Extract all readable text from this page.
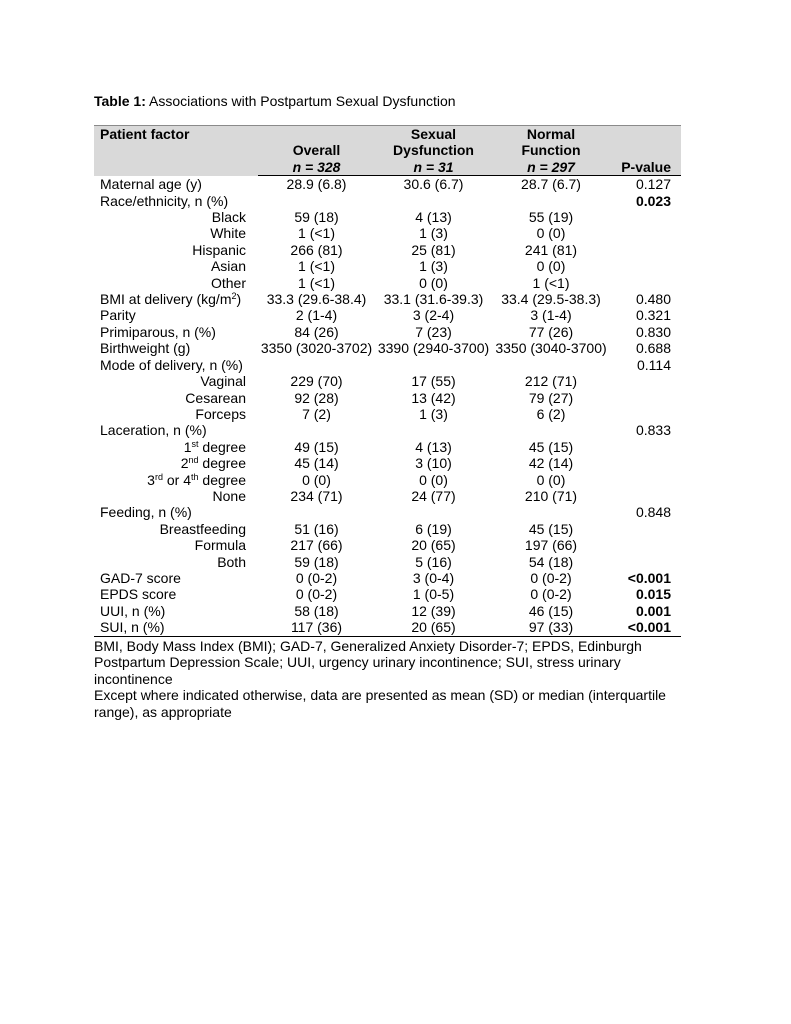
Table 1: Associations with Postpartum Sexual Dysfunction
Patient factor		Sexual	Normal	
	Overall	Dysfunction	Function	
	n = 328	n = 31	n = 297	P-value
Maternal age (y)	28.9 (6.8)	30.6 (6.7)	28.7 (6.7)	0.127
Race/ethnicity, n (%)				0.023
Black	59 (18)	4 (13)	55 (19)	
White	1 (<1)	1 (3)	0 (0)	
Hispanic	266 (81)	25 (81)	241 (81)	
Asian	1 (<1)	1 (3)	0 (0)	
Other	1 (<1)	0 (0)	1 (<1)	
BMI at delivery $(kg/m^2)$	33.3 (29.6-38.4)	33.1 (31.6-39.3)	33.4 (29.5-38.3)	0.480
Parity	2 (1-4)	3 (2-4)	3 (1-4)	0.321
Primiparous, n (%)	84 (26)	7 (23)	77 (26)	0.830
Birthweight (g)	3350 (3020-3702)	3390 (2940-3700)	3350 (3040-3700)	0.688
Mode of delivery, n (%)				0.114
Vaginal	229 (70)	17 (55)	212 (71)	
Cesarean	92 (28)	13 (42)	79 (27)	
Forceps	7 (2)	1 (3)	6 (2)	
Laceration, n (%)				0.833
1st degree	49 (15)	4 (13)	45 (15)	
2nd degree	45 (14)	3 (10)	42 (14)	
3rd or 4th degree	0 (0)	0 (0)	0 (0)	
None	234 (71)	24 (77)	210 (71)	
Feeding, n (%)				0.848
Breastfeeding	51 (16)	6 (19)	45 (15)	
Formula	217 (66)	20 (65)	197 (66)	
Both	59 (18)	5 (16)	54 (18)	
GAD-7 score	0 (0-2)	3 (0-4)	0 (0-2)	<0.001
EPDS score	0 (0-2)	1 (0-5)	0 (0-2)	0.015
UUI, n (%)	58 (18)	12 (39)	46 (15)	0.001
SUI, n (%)	117 (36)	20 (65)	97 (33)	<0.001

BMI, Body Mass Index (BMI); GAD-7, Generalized Anxiety Disorder-7; EPDS, Edinburgh Postpartum Depression Scale; UUI, urgency urinary incontinence; SUI, stress urinary incontinence

Except where indicated otherwise, data are presented as mean (SD) or median (interquartile range), as appropriate
